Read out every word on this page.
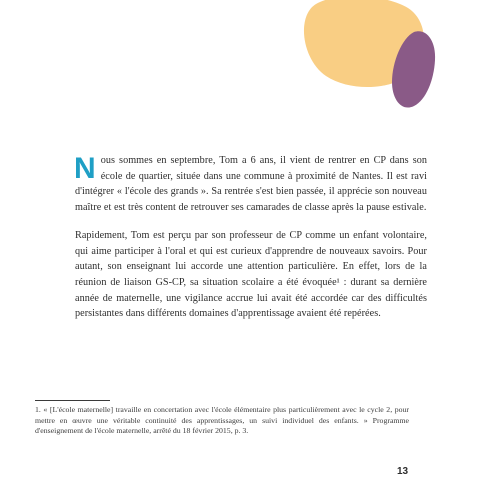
Nous sommes en septembre, Tom a 6 ans, il vient de rentrer en CP dans son école de quartier, située dans une commune à proximité de Nantes. Il est ravi d'intégrer « l'école des grands ». Sa rentrée s'est bien passée, il apprécie son nouveau maître et est très content de retrouver ses camarades de classe après la pause estivale.

Rapidement, Tom est perçu par son professeur de CP comme un enfant volontaire, qui aime participer à l'oral et qui est curieux d'apprendre de nouveaux savoirs. Pour autant, son enseignant lui accorde une attention particulière. En effet, lors de la réunion de liaison GS-CP, sa situation scolaire a été évoquée¹ : durant sa dernière année de maternelle, une vigilance accrue lui avait été accordée car des difficultés persistantes dans différents domaines d'apprentissage avaient été repérées.

1. « [L'école maternelle] travaille en concertation avec l'école élémentaire plus particulièrement avec le cycle 2, pour mettre en œuvre une véritable continuité des apprentissages, un suivi individuel des enfants. » Programme d'enseignement de l'école maternelle, arrêté du 18 février 2015, p. 3.

13
